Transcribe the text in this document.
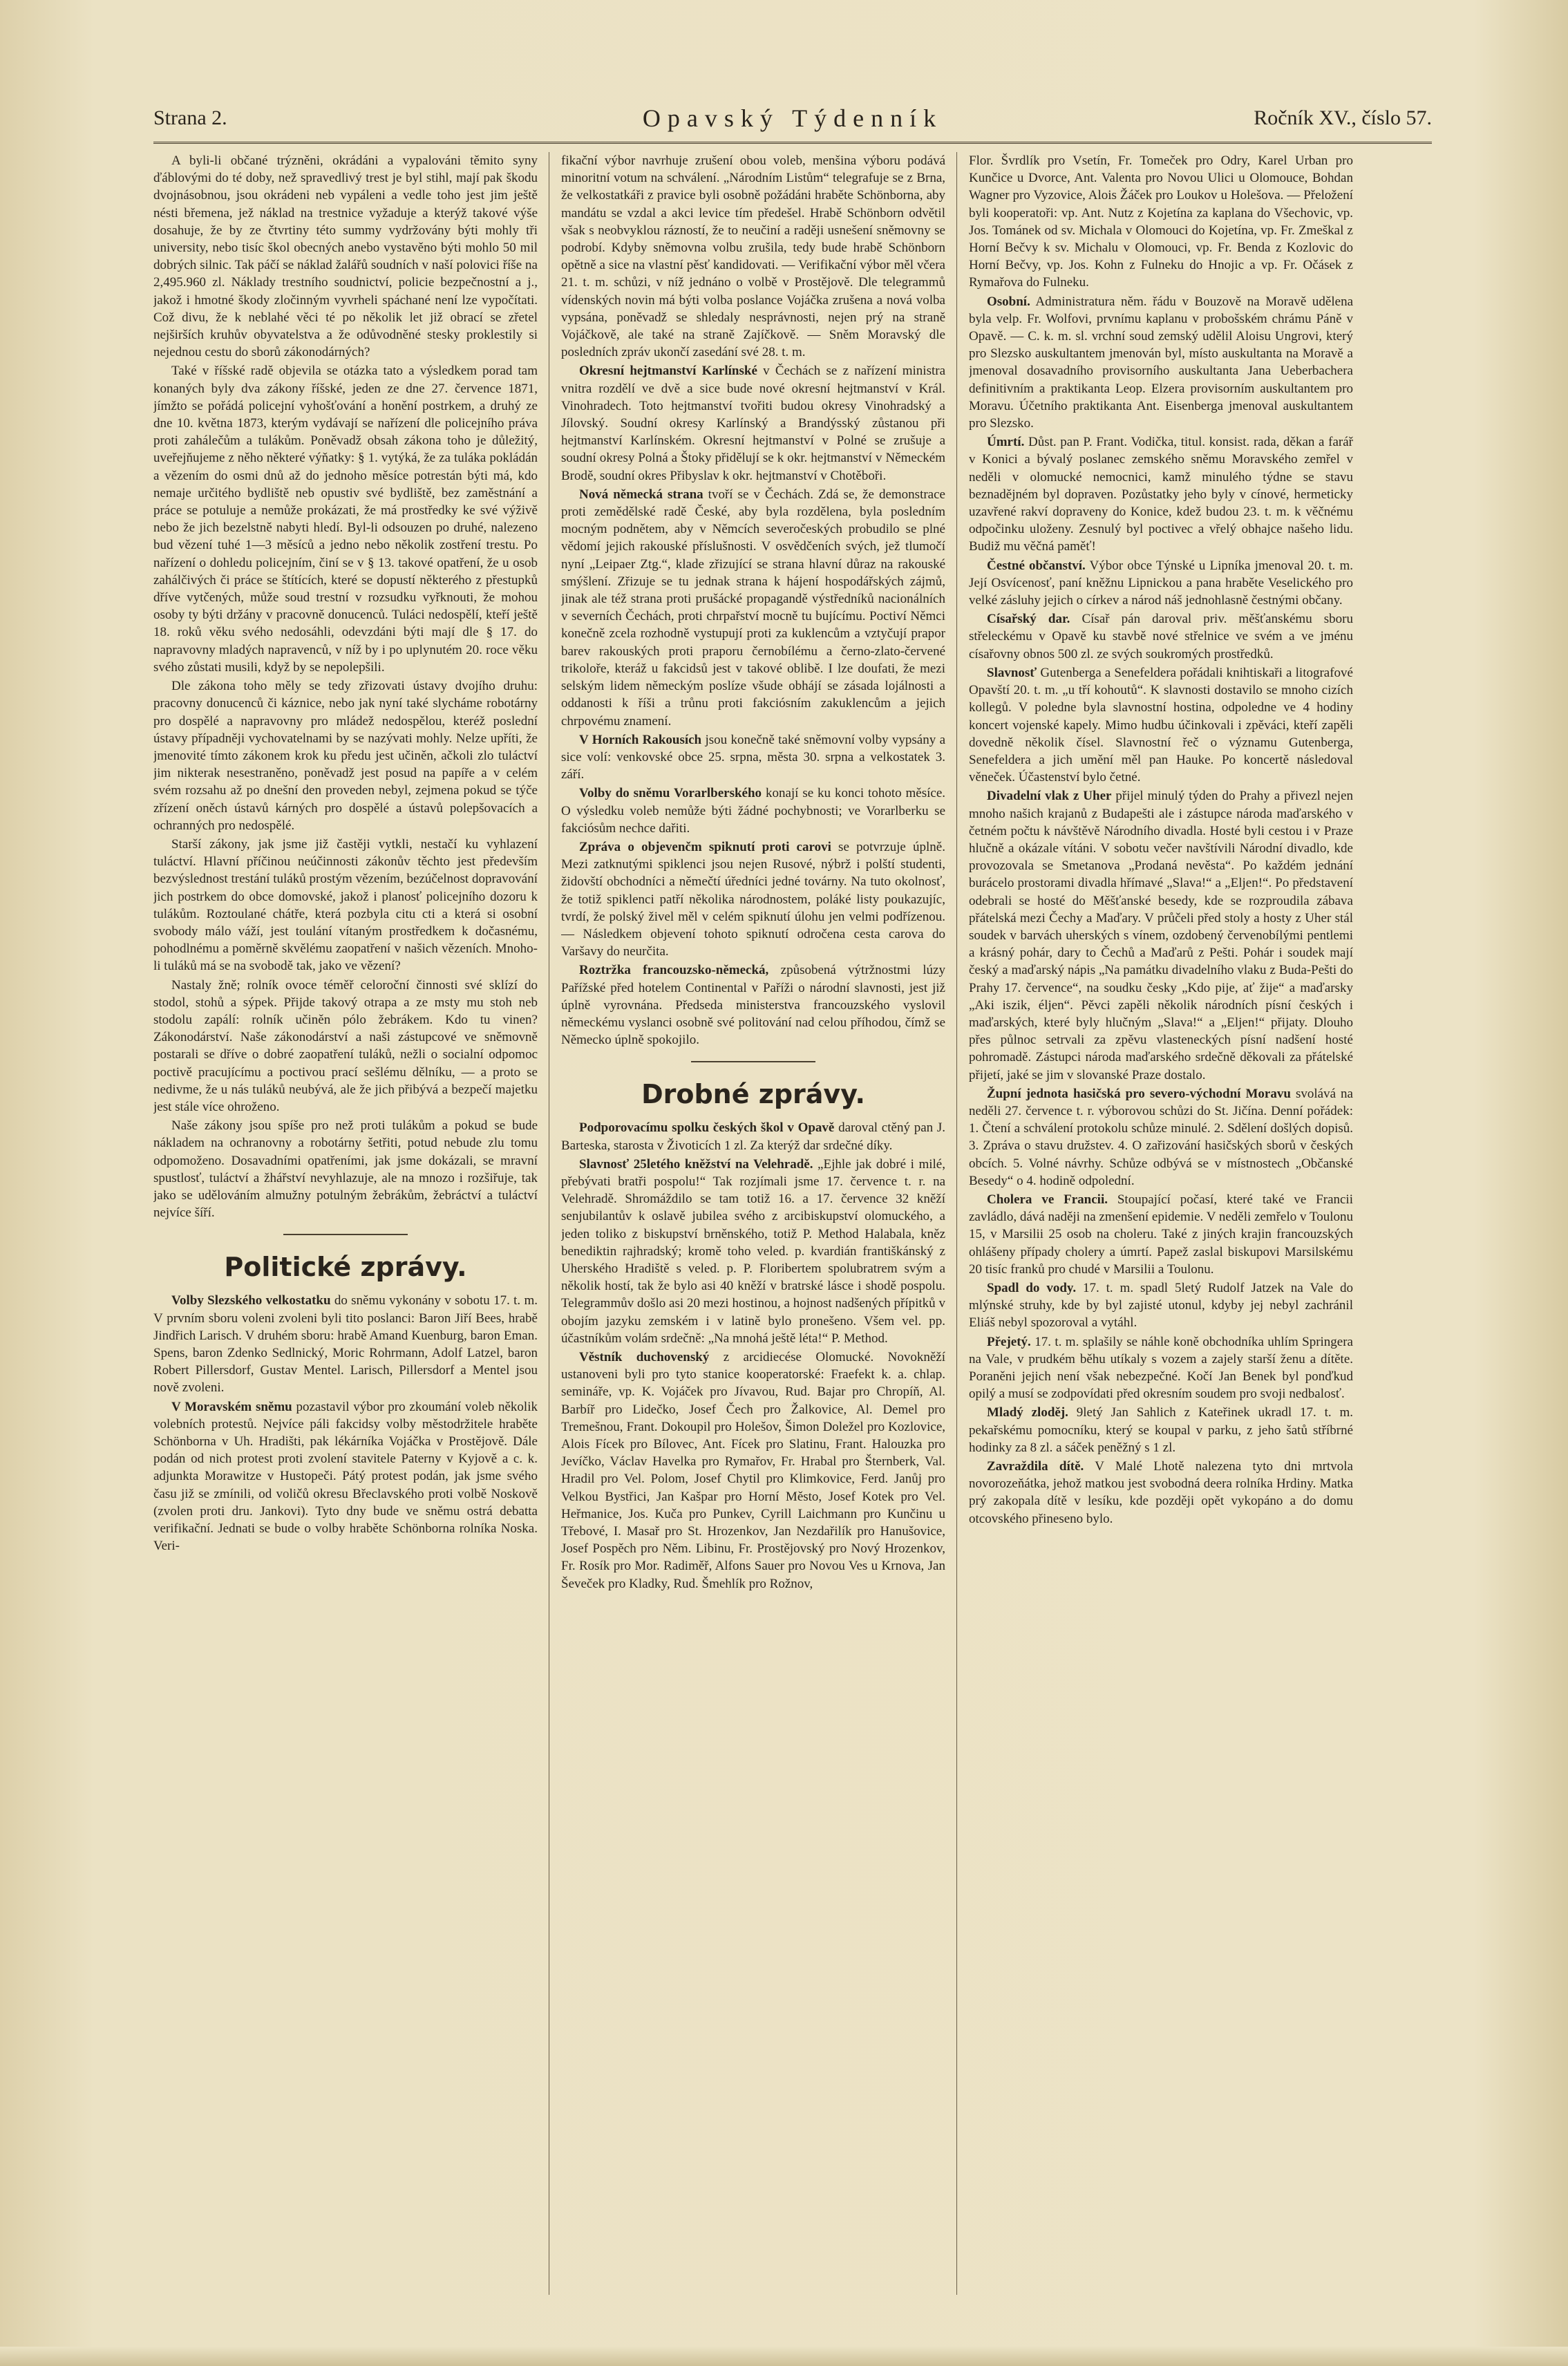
Strana 2.	Opavský Týdenník	Ročník XV., číslo 57.

A byli-li občané trýzněni, okrádáni a vypalováni těmito syny ďáblovými do té doby, než spravedlivý trest je byl stihl, mají pak škodu dvojnásobnou, jsou okrádeni neb vypáleni a vedle toho jest jim ještě nésti břemena, jež náklad na trestnice vyžaduje a kterýž takové výše dosahuje, že by ze čtvrtiny této summy vydržovány býti mohly tři university, nebo tisíc škol obecných anebo vystavěno býti mohlo 50 mil dobrých silnic. Tak páčí se náklad žalářů soudních v naší polovici říše na 2,495.960 zl. Náklady trestního soudnictví, policie bezpečnostní a j., jakož i hmotné škody zločinným vyvrheli spáchané není lze vypočítati. Což divu, že k neblahé věci té po několik let již obrací se zřetel nejširších kruhův obyvatelstva a že odůvodněné stesky proklestily si nejednou cestu do sborů zákonodárných?

Také v říšské radě objevila se otázka tato a výsledkem porad tam konaných byly dva zákony říšské, jeden ze dne 27. července 1871, jímžto se pořádá policejní vyhošťování a honění postrkem, a druhý ze dne 10. května 1873, kterým vydávají se nařízení dle policejního práva proti zahálečům a tulákům. Poněvadž obsah zákona toho je důležitý, uveřejňujeme z něho některé výňatky: § 1. vytýká, že za tuláka pokládán a vězením do osmi dnů až do jednoho měsíce potrestán býti má, kdo nemaje určitého bydliště neb opustiv své bydliště, bez zaměstnání a práce se potuluje a nemůže prokázati, že má prostředky ke své výživě nebo že jich bezelstně nabyti hledí. Byl-li odsouzen po druhé, nalezeno bud vězení tuhé 1—3 měsíců a jedno nebo několik zostření trestu. Po nařízení o dohledu policejním, činí se v § 13. takové opatření, že u osob zahálčivých či práce se štítících, které se dopustí některého z přestupků dříve vytčených, může soud trestní v rozsudku vyřknouti, že mohou osoby ty býti držány v pracovně donucenců. Tuláci nedospělí, kteří ještě 18. roků věku svého nedosáhli, odevzdáni býti mají dle § 17. do napravovny mladých napravenců, v níž by i po uplynutém 20. roce věku svého zůstati musili, když by se nepolepšili.

Dle zákona toho měly se tedy zřizovati ústavy dvojího druhu: pracovny donucenců či káznice, nebo jak nyní také slycháme robotárny pro dospělé a napravovny pro mládež nedospělou, kteréž poslední ústavy případněji vychovatelnami by se nazývati mohly. Nelze upříti, že jmenovité tímto zákonem krok ku předu jest učiněn, ačkoli zlo tuláctví jim nikterak nesestraněno, poněvadž jest posud na papíře a v celém svém rozsahu až po dnešní den proveden nebyl, zejmena pokud se týče zřízení oněch ústavů kárných pro dospělé a ústavů polepšovacích a ochranných pro nedospělé.

Starší zákony, jak jsme již častěji vytkli, nestačí ku vyhlazení tuláctví. Hlavní příčinou neúčinnosti zákonův těchto jest především bezvýslednost trestání tuláků prostým vězením, bezúčelnost dopravování jich postrkem do obce domovské, jakož i planosť policejního dozoru k tulákům. Roztoulané chátře, která pozbyla citu cti a která si osobní svobody málo váží, jest toulání vítaným prostředkem k dočasnému, pohodlnému a poměrně skvělému zaopatření v našich vězeních. Mnoho-li tuláků má se na svobodě tak, jako ve vězení?

Nastaly žně; rolník ovoce téměř celoroční činnosti své sklízí do stodol, stohů a sýpek. Přijde takový otrapa a ze msty mu stoh neb stodolu zapálí: rolník učiněn pólo žebrákem. Kdo tu vinen? Zákonodárství. Naše zákonodárství a naši zástupcové ve sněmovně postarali se dříve o dobré zaopatření tuláků, nežli o socialní odpomoc poctivě pracujícímu a poctivou prací sešlému dělníku, — a proto se nedivme, že u nás tuláků neubývá, ale že jich přibývá a bezpečí majetku jest stále více ohroženo.

Naše zákony jsou spíše pro než proti tulákům a pokud se bude nákladem na ochranovny a robotárny šetřiti, potud nebude zlu tomu odpomoženo. Dosavadními opatřeními, jak jsme dokázali, se mravní spustlosť, tuláctví a žhářství nevyhlazuje, ale na mnozo i rozšiřuje, tak jako se udělováním almužny potulným žebrákům, žebráctví a tuláctví nejvíce šíří.

Politické zprávy.

Volby Slezského velkostatku do sněmu vykonány v sobotu 17. t. m. V prvním sboru voleni zvoleni byli tito poslanci: Baron Jiří Bees, hrabě Jindřich Larisch. V druhém sboru: hrabě Amand Kuenburg, baron Eman. Spens, baron Zdenko Sedlnický, Moric Rohrmann, Adolf Latzel, baron Robert Pillersdorf, Gustav Mentel. Larisch, Pillersdorf a Mentel jsou nově zvoleni.

V Moravském sněmu pozastavil výbor pro zkoumání voleb několik volebních protestů. Nejvíce páli fakcidsy volby městodržitele hraběte Schönborna v Uh. Hradišti, pak lékárníka Vojáčka v Prostějově. Dále podán od nich protest proti zvolení stavitele Paterny v Kyjově a c. k. adjunkta Morawitze v Hustopeči. Pátý protest podán, jak jsme svého času již se zmínili, od voličů okresu Břeclavského proti volbě Noskově (zvolen proti dru. Jankovi). Tyto dny bude ve sněmu ostrá debatta verifikační. Jednati se bude o volby hraběte Schönborna rolníka Noska. Veri-

fikační výbor navrhuje zrušení obou voleb, menšina výboru podává minoritní votum na schválení. „Národním Listům“ telegrafuje se z Brna, že velkostatkáři z pravice byli osobně požádáni hraběte Schönborna, aby mandátu se vzdal a akci levice tím předešel. Hrabě Schönborn odvětil však s neobvyklou rázností, že to neučiní a raději usnešení sněmovny se podrobí. Kdyby sněmovna volbu zrušila, tedy bude hrabě Schönborn opětně a sice na vlastní pěsť kandidovati. — Verifikační výbor měl včera 21. t. m. schůzi, v níž jednáno o volbě v Prostějově. Dle telegrammů vídenských novin má býti volba poslance Vojáčka zrušena a nová volba vypsána, poněvadž se shledaly nesprávnosti, nejen prý na straně Vojáčkově, ale také na straně Zajíčkově. — Sněm Moravský dle posledních zpráv ukončí zasedání své 28. t. m.

Okresní hejtmanství Karlínské v Čechách se z nařízení ministra vnitra rozdělí ve dvě a sice bude nové okresní hejtmanství v Král. Vinohradech. Toto hejtmanství tvořiti budou okresy Vinohradský a Jílovský. Soudní okresy Karlínský a Brandýsský zůstanou při hejtmanství Karlínském. Okresní hejtmanství v Polné se zrušuje a soudní okresy Polná a Štoky přidělují se k okr. hejtmanství v Německém Brodě, soudní okres Přibyslav k okr. hejtmanství v Chotěboři.

Nová německá strana tvoří se v Čechách. Zdá se, že demonstrace proti zemědělské radě České, aby byla rozdělena, byla posledním mocným podnětem, aby v Němcích severočeských probudilo se plné vědomí jejich rakouské příslušnosti. V osvědčeních svých, jež tlumočí nyní „Leipaer Ztg.“, klade zřizující se strana hlavní důraz na rakouské smýšlení. Zřizuje se tu jednak strana k hájení hospodářských zájmů, jinak ale též strana proti prušácké propagandě výstředníků nacionálních v severních Čechách, proti chrpařství mocně tu bujícímu. Poctiví Němci konečně zcela rozhodně vystupují proti za kuklencům a vztyčují prapor barev rakouských proti praporu černobílému a černo-zlato-červené trikoloře, kteráž u fakcidsů jest v takové oblibě. I lze doufati, že mezi selským lidem německým poslíze všude obhájí se zásada lojálnosti a oddanosti k říši a trůnu proti fakciósním zakuklencům a jejich chrpovému znamení.

V Horních Rakousích jsou konečně také sněmovní volby vypsány a sice volí: venkovské obce 25. srpna, města 30. srpna a velkostatek 3. září.

Volby do sněmu Vorarlberského konají se ku konci tohoto měsíce. O výsledku voleb nemůže býti žádné pochybnosti; ve Vorarlberku se fakciósům nechce dařiti.

Zpráva o objevenčm spiknutí proti carovi se potvrzuje úplně. Mezi zatknutými spiklenci jsou nejen Rusové, nýbrž i polští studenti, židovští obchodníci a němečtí úředníci jedné továrny. Na tuto okolnosť, že totiž spiklenci patří několika národnostem, poláké listy poukazujíc, tvrdí, že polský živel měl v celém spiknutí úlohu jen velmi podřízenou. — Následkem objevení tohoto spiknutí odročena cesta carova do Varšavy do neurčita.

Roztržka francouzsko-německá, způsobená výtržnostmi lúzy Pařížské před hotelem Continental v Paříži o národní slavnosti, jest již úplně vyrovnána. Předseda ministerstva francouzského vyslovil německému vyslanci osobně své politování nad celou příhodou, čímž se Německo úplně spokojilo.

Drobné zprávy.

Podporovacímu spolku českých škol v Opavě daroval ctěný pan J. Barteska, starosta v Životicích 1 zl. Za kterýž dar srdečné díky.

Slavnosť 25letého kněžství na Velehradě. „Ejhle jak dobré i milé, přebývati bratři pospolu!“ Tak rozjímali jsme 17. července t. r. na Velehradě. Shromáždilo se tam totiž 16. a 17. července 32 kněží senjubilantův k oslavě jubilea svého z arcibiskupství olomuckého, a jeden toliko z biskupství brněnského, totiž P. Method Halabala, kněz benediktin rajhradský; kromě toho veled. p. kvardián františkánský z Uherského Hradiště s veled. p. P. Floribertem spolubratrem svým a několik hostí, tak že bylo asi 40 kněží v bratrské lásce i shodě pospolu. Telegrammův došlo asi 20 mezi hostinou, a hojnost nadšených přípitků v obojím jazyku zemském i v latině bylo pronešeno. Všem vel. pp. účastníkům volám srdečně: „Na mnohá ještě léta!“ P. Method.

Věstník duchovenský z arcidiecése Olomucké. Novokněží ustanoveni byli pro tyto stanice kooperatorské: Fraefekt k. a. chlap. semináře, vp. K. Vojáček pro Jívavou, Rud. Bajar pro Chropíň, Al. Barbíř pro Lidečko, Josef Čech pro Žalkovice, Al. Demel pro Tremešnou, Frant. Dokoupil pro Holešov, Šimon Doležel pro Kozlovice, Alois Fícek pro Bílovec, Ant. Fícek pro Slatinu, Frant. Halouzka pro Jevíčko, Václav Havelka pro Rymařov, Fr. Hrabal pro Šternberk, Val. Hradil pro Vel. Polom, Josef Chytil pro Klimkovice, Ferd. Janůj pro Velkou Bystřici, Jan Kašpar pro Horní Město, Josef Kotek pro Vel. Heřmanice, Jos. Kuča pro Punkev, Cyrill Laichmann pro Kunčinu u Třebové, I. Masař pro St. Hrozenkov, Jan Nezdařilík pro Hanušovice, Josef Pospěch pro Něm. Libinu, Fr. Prostějovský pro Nový Hrozenkov, Fr. Rosík pro Mor. Radiměř, Alfons Sauer pro Novou Ves u Krnova, Jan Ševeček pro Kladky, Rud. Šmehlík pro Rožnov,

Flor. Švrdlík pro Vsetín, Fr. Tomeček pro Odry, Karel Urban pro Kunčice u Dvorce, Ant. Valenta pro Novou Ulici u Olomouce, Bohdan Wagner pro Vyzovice, Alois Žáček pro Loukov u Holešova. — Přeložení byli kooperatoři: vp. Ant. Nutz z Kojetína za kaplana do Všechovic, vp. Jos. Tománek od sv. Michala v Olomouci do Kojetína, vp. Fr. Zmeškal z Horní Bečvy k sv. Michalu v Olomouci, vp. Fr. Benda z Kozlovic do Horní Bečvy, vp. Jos. Kohn z Fulneku do Hnojic a vp. Fr. Očásek z Rymařova do Fulneku.

Osobní. Administratura něm. řádu v Bouzově na Moravě udělena byla velp. Fr. Wolfovi, prvnímu kaplanu v probošském chrámu Páně v Opavě. — C. k. m. sl. vrchní soud zemský udělil Aloisu Ungrovi, který pro Slezsko auskultantem jmenován byl, místo auskultanta na Moravě a jmenoval dosavadního provisorního auskultanta Jana Ueberbachera definitivním a praktikanta Leop. Elzera provisorním auskultantem pro Moravu. Účetního praktikanta Ant. Eisenberga jmenoval auskultantem pro Slezsko.

Úmrtí. Důst. pan P. Frant. Vodička, titul. konsist. rada, děkan a farář v Konici a bývalý poslanec zemského sněmu Moravského zemřel v neděli v olomucké nemocnici, kamž minulého týdne se stavu beznadějném byl dopraven. Pozůstatky jeho byly v cínové, hermeticky uzavřené rakví dopraveny do Konice, kdež budou 23. t. m. k věčnému odpočinku uloženy. Zesnulý byl poctivec a vřelý obhajce našeho lidu. Budiž mu věčná paměť!

Čestné občanství. Výbor obce Týnské u Lipníka jmenoval 20. t. m. Její Osvícenosť, paní kněžnu Lipnickou a pana hraběte Veselického pro velké zásluhy jejich o církev a národ náš jednohlasně čestnými občany.

Císařský dar. Císař pán daroval priv. měšťanskému sboru střeleckému v Opavě ku stavbě nové střelnice ve svém a ve jménu císařovny obnos 500 zl. ze svých soukromých prostředků.

Slavnosť Gutenberga a Senefeldera pořádali knihtiskaři a litografové Opavští 20. t. m. „u tří kohoutů“. K slavnosti dostavilo se mnoho cizích kollegů. V poledne byla slavnostní hostina, odpoledne ve 4 hodiny koncert vojenské kapely. Mimo hudbu účinkovali i zpěváci, kteří zapěli dovedně několik čísel. Slavnostní řeč o významu Gutenberga, Senefeldera a jich umění měl pan Hauke. Po koncertě následoval věneček. Účastenství bylo četné.

Divadelní vlak z Uher přijel minulý týden do Prahy a přivezl nejen mnoho našich krajanů z Budapešti ale i zástupce národa maďarského v četném počtu k návštěvě Národního divadla. Hosté byli cestou i v Praze hlučně a okázale vítáni. V sobotu večer navštívili Národní divadlo, kde provozovala se Smetanova „Prodaná nevěsta“. Po každém jednání burácelo prostorami divadla hřímavé „Slava!“ a „Eljen!“. Po představení odebrali se hosté do Měšťanské besedy, kde se rozproudila zábava přátelská mezi Čechy a Maďary. V průčeli před stoly a hosty z Uher stál soudek v barvách uherských s vínem, ozdobený červenobílými pentlemi a krásný pohár, dary to Čechů a Maďarů z Pešti. Pohár i soudek mají český a maďarský nápis „Na památku divadelního vlaku z Buda-Pešti do Prahy 17. července“, na soudku česky „Kdo pije, ať žije“ a maďarsky „Aki iszik, éljen“. Pěvci zapěli několik národních písní českých i maďarských, které byly hlučným „Slava!“ a „Eljen!“ přijaty. Dlouho přes půlnoc setrvali za zpěvu vlasteneckých písní nadšení hosté pohromadě. Zástupci národa maďarského srdečně děkovali za přátelské přijetí, jaké se jim v slovanské Praze dostalo.

Župní jednota hasičská pro severo-východní Moravu svolává na neděli 27. července t. r. výborovou schůzi do St. Jičína. Denní pořádek: 1. Čtení a schválení protokolu schůze minulé. 2. Sdělení došlých dopisů. 3. Zpráva o stavu družstev. 4. O zařizování hasičských sborů v českých obcích. 5. Volné návrhy. Schůze odbývá se v místnostech „Občanské Besedy“ o 4. hodině odpolední.

Cholera ve Francii. Stoupající počasí, které také ve Francii zavládlo, dává naději na zmenšení epidemie. V neděli zemřelo v Toulonu 15, v Marsilii 25 osob na choleru. Také z jiných krajin francouzských ohlášeny případy cholery a úmrtí. Papež zaslal biskupovi Marsilskému 20 tisíc franků pro chudé v Marsilii a Toulonu.

Spadl do vody. 17. t. m. spadl 5letý Rudolf Jatzek na Vale do mlýnské struhy, kde by byl zajisté utonul, kdyby jej nebyl zachránil Eliáš nebyl spozoroval a vytáhl.

Přejetý. 17. t. m. splašily se náhle koně obchodníka uhlím Springera na Vale, v prudkém běhu utíkaly s vozem a zajely starší ženu a dítěte. Poraněni jejich není však nebezpečné. Kočí Jan Benek byl ponďkud opilý a musí se zodpovídati před okresním soudem pro svoji nedbalosť.

Mladý zloděj. 9letý Jan Sahlich z Kateřinek ukradl 17. t. m. pekařskému pomocníku, který se koupal v parku, z jeho šatů stříbrné hodinky za 8 zl. a sáček peněžný s 1 zl.

Zavraždila dítě. V Malé Lhotě nalezena tyto dni mrtvola novorozeňátka, jehož matkou jest svobodná deera rolníka Hrdiny. Matka prý zakopala dítě v lesíku, kde později opět vykopáno a do domu otcovského přineseno bylo.
